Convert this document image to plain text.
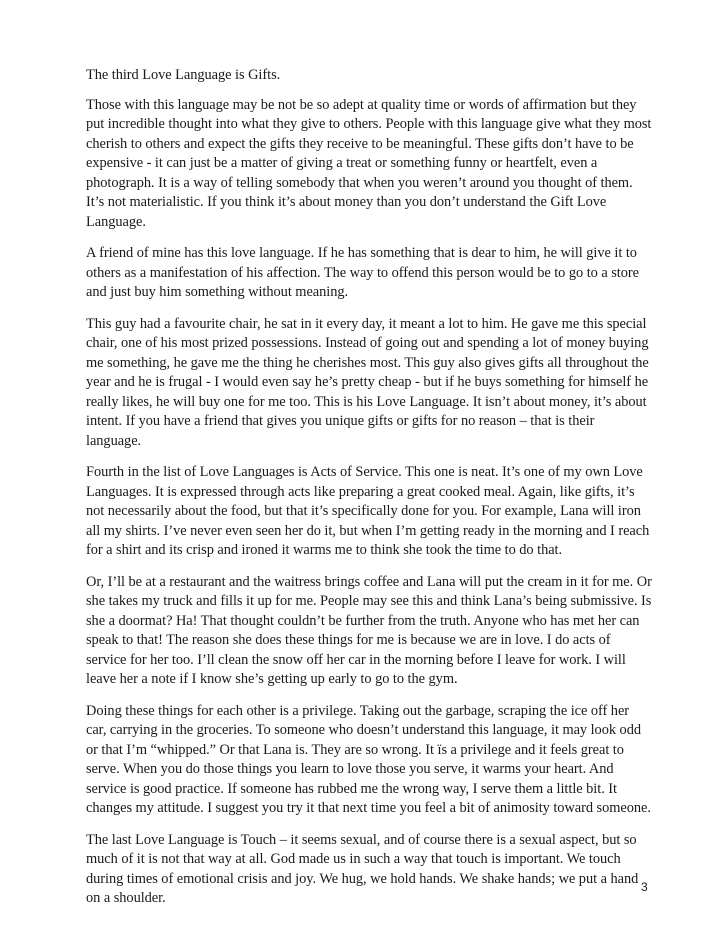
The third Love Language is Gifts.

Those with this language may be not be so adept at quality time or words of affirmation but they put incredible thought into what they give to others. People with this language give what they most cherish to others and expect the gifts they receive to be meaningful. These gifts don’t have to be expensive - it can just be a matter of giving a treat or something funny or heartfelt, even a photograph. It is a way of telling somebody that when you weren’t around you thought of them. It’s not materialistic. If you think it’s about money than you don’t understand the Gift Love Language.

A friend of mine has this love language. If he has something that is dear to him, he will give it to others as a manifestation of his affection. The way to offend this person would be to go to a store and just buy him something without meaning.

This guy had a favourite chair, he sat in it every day, it meant a lot to him. He gave me this special chair, one of his most prized possessions. Instead of going out and spending a lot of money buying me something, he gave me the thing he cherishes most. This guy also gives gifts all throughout the year and he is frugal - I would even say he’s pretty cheap - but if he buys something for himself he really likes, he will buy one for me too. This is his Love Language. It isn’t about money, it’s about intent. If you have a friend that gives you unique gifts or gifts for no reason – that is their language.

Fourth in the list of Love Languages is Acts of Service. This one is neat. It’s one of my own Love Languages. It is expressed through acts like preparing a great cooked meal. Again, like gifts, it’s not necessarily about the food, but that it’s specifically done for you. For example, Lana will iron all my shirts. I’ve never even seen her do it, but when I’m getting ready in the morning and I reach for a shirt and its crisp and ironed it warms me to think she took the time to do that.

Or, I’ll be at a restaurant and the waitress brings coffee and Lana will put the cream in it for me. Or she takes my truck and fills it up for me. People may see this and think Lana’s being submissive. Is she a doormat? Ha! That thought couldn’t be further from the truth. Anyone who has met her can speak to that! The reason she does these things for me is because we are in love. I do acts of service for her too. I’ll clean the snow off her car in the morning before I leave for work. I will leave her a note if I know she’s getting up early to go to the gym.

Doing these things for each other is a privilege. Taking out the garbage, scraping the ice off her car, carrying in the groceries. To someone who doesn’t understand this language, it may look odd or that I’m “whipped.” Or that Lana is. They are so wrong. It ïs a privilege and it feels great to serve. When you do those things you learn to love those you serve, it warms your heart. And service is good practice. If someone has rubbed me the wrong way, I serve them a little bit. It changes my attitude. I suggest you try it that next time you feel a bit of animosity toward someone.

The last Love Language is Touch – it seems sexual, and of course there is a sexual aspect, but so much of it is not that way at all. God made us in such a way that touch is important. We touch during times of emotional crisis and joy. We hug, we hold hands. We shake hands; we put a hand on a shoulder.

3
